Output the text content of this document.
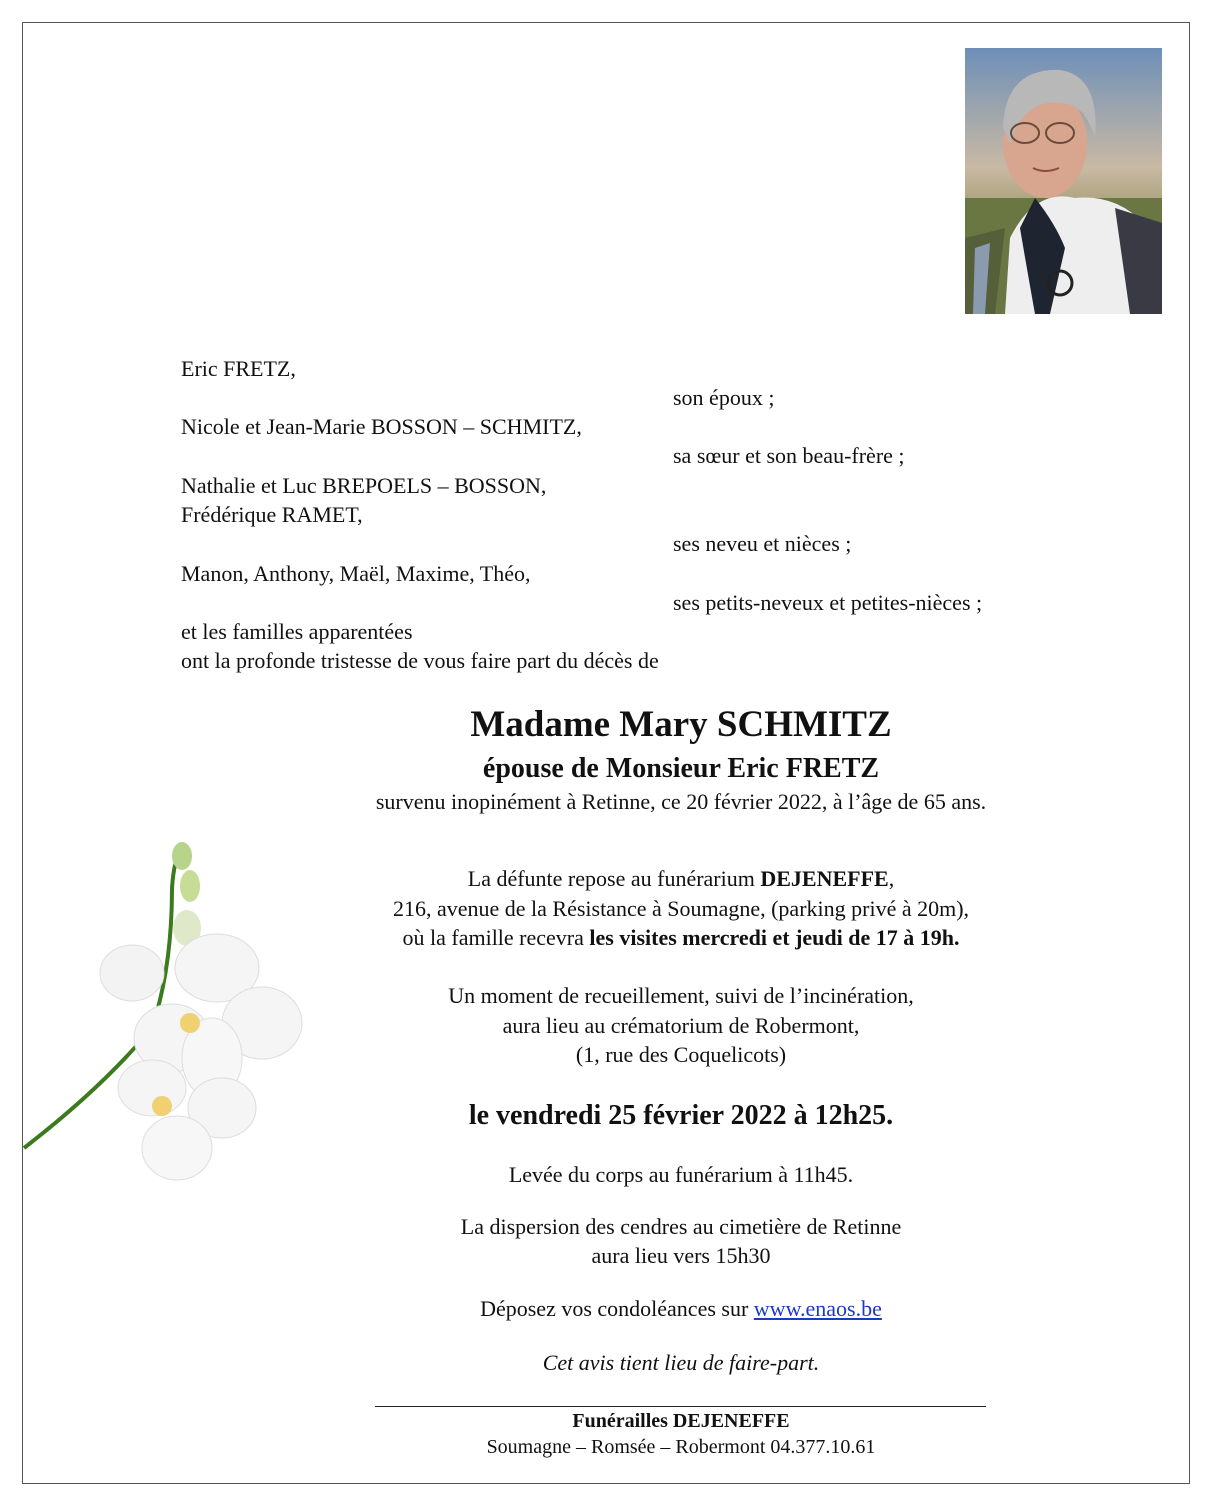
Eric FRETZ,
son époux ;
Nicole et Jean-Marie BOSSON – SCHMITZ,
sa sœur et son beau-frère ;
Nathalie et Luc BREPOELS – BOSSON,
Frédérique RAMET,
ses neveu et nièces ;
Manon, Anthony, Maël, Maxime, Théo,
ses petits-neveux et petites-nièces ;
et les familles apparentées
ont la profonde tristesse de vous faire part du décès de
Madame Mary SCHMITZ
épouse de Monsieur Eric FRETZ
survenu inopinément à Retinne, ce 20 février 2022, à l’âge de 65 ans.
La défunte repose au funérarium DEJENEFFE,
216, avenue de la Résistance à Soumagne, (parking privé à 20m),
où la famille recevra les visites mercredi et jeudi de 17 à 19h.
Un moment de recueillement, suivi de l’incinération,
aura lieu au crématorium de Robermont,
(1, rue des Coquelicots)
le vendredi 25 février 2022 à 12h25.
Levée du corps au funérarium à 11h45.
La dispersion des cendres au cimetière de Retinne
aura lieu vers 15h30
Déposez vos condoléances sur www.enaos.be
Cet avis tient lieu de faire-part.
Funérailles DEJENEFFE
Soumagne – Romsée – Robermont 04.377.10.61
